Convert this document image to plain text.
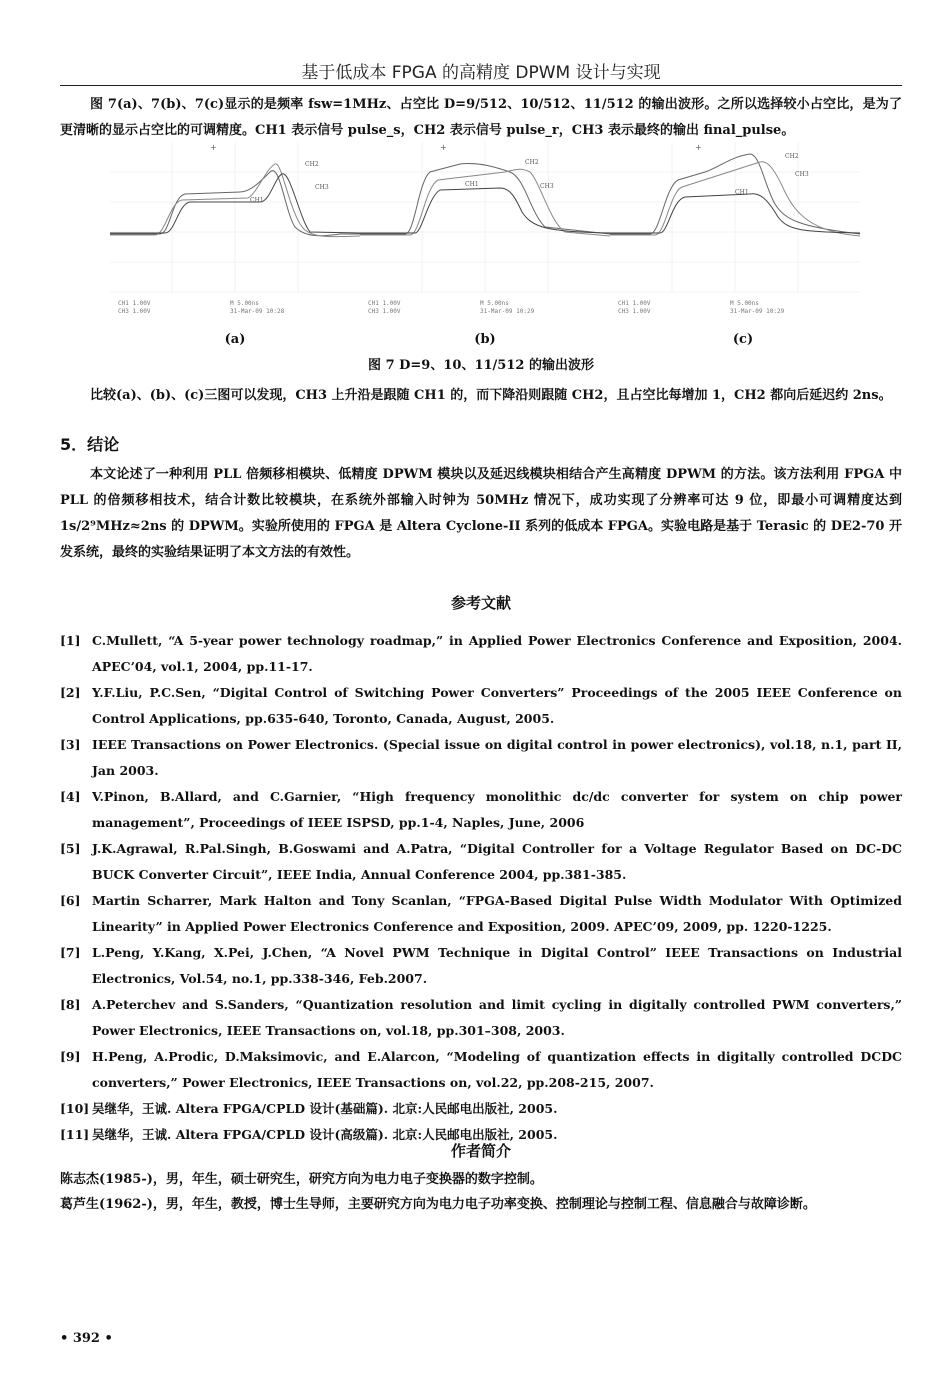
基于低成本 FPGA 的高精度 DPWM 设计与实现
图 7(a)、7(b)、7(c)显示的是频率 fsw=1MHz、占空比 D=9/512、10/512、11/512 的输出波形。之所以选择较小占空比，是为了更清晰的显示占空比的可调精度。CH1 表示信号 pulse_s，CH2 表示信号 pulse_r，CH3 表示最终的输出 final_pulse。
+
CH2
CH3
CH1
CH1 1.00V
CH3 1.00V
M 5.00ns
31-Mar-09 10:28
(a)
+
CH2
CH3
CH1
CH1 1.00V
CH3 1.00V
M 5.00ns
31-Mar-09 10:29
(b)
+
CH2
CH3
CH1
CH1 1.00V
CH3 1.00V
M 5.00ns
31-Mar-09 10:29
(c)
图 7 D=9、10、11/512 的输出波形
比较(a)、(b)、(c)三图可以发现，CH3 上升沿是跟随 CH1 的，而下降沿则跟随 CH2，且占空比每增加 1，CH2 都向后延迟约 2ns。
5．结论
本文论述了一种利用 PLL 倍频移相模块、低精度 DPWM 模块以及延迟线模块相结合产生高精度 DPWM 的方法。该方法利用 FPGA 中 PLL 的倍频移相技术，结合计数比较模块，在系统外部输入时钟为 50MHz 情况下，成功实现了分辨率可达 9 位，即最小可调精度达到 1s/2⁹MHz≈2ns 的 DPWM。实验所使用的 FPGA 是 Altera Cyclone-II 系列的低成本 FPGA。实验电路是基于 Terasic 的 DE2-70 开发系统，最终的实验结果证明了本文方法的有效性。
参考文献
[1] C.Mullett, “A 5-year power technology roadmap,” in Applied Power Electronics Conference and Exposition, 2004. APEC’04, vol.1, 2004, pp.11-17.
[2] Y.F.Liu, P.C.Sen, “Digital Control of Switching Power Converters” Proceedings of the 2005 IEEE Conference on Control Applications, pp.635-640, Toronto, Canada, August, 2005.
[3] IEEE Transactions on Power Electronics. (Special issue on digital control in power electronics), vol.18, n.1, part II, Jan 2003.
[4] V.Pinon, B.Allard, and C.Garnier, “High frequency monolithic dc/dc converter for system on chip power management”, Proceedings of IEEE ISPSD, pp.1-4, Naples, June, 2006
[5] J.K.Agrawal, R.Pal.Singh, B.Goswami and A.Patra, “Digital Controller for a Voltage Regulator Based on DC-DC BUCK Converter Circuit”, IEEE India, Annual Conference 2004, pp.381-385.
[6] Martin Scharrer, Mark Halton and Tony Scanlan, “FPGA-Based Digital Pulse Width Modulator With Optimized Linearity” in Applied Power Electronics Conference and Exposition, 2009. APEC’09, 2009, pp. 1220-1225.
[7] L.Peng, Y.Kang, X.Pei, J.Chen, “A Novel PWM Technique in Digital Control” IEEE Transactions on Industrial Electronics, Vol.54, no.1, pp.338-346, Feb.2007.
[8] A.Peterchev and S.Sanders, “Quantization resolution and limit cycling in digitally controlled PWM converters,” Power Electronics, IEEE Transactions on, vol.18, pp.301–308, 2003.
[9] H.Peng, A.Prodic, D.Maksimovic, and E.Alarcon, “Modeling of quantization effects in digitally controlled DCDC converters,” Power Electronics, IEEE Transactions on, vol.22, pp.208-215, 2007.
[10] 吴继华，王诚. Altera FPGA/CPLD 设计(基础篇). 北京:人民邮电出版社, 2005.
[11] 吴继华，王诚. Altera FPGA/CPLD 设计(高级篇). 北京:人民邮电出版社, 2005.
作者简介
陈志杰(1985-)，男，年生，硕士研究生，研究方向为电力电子变换器的数字控制。
葛芦生(1962-)，男，年生，教授，博士生导师，主要研究方向为电力电子功率变换、控制理论与控制工程、信息融合与故障诊断。
• 392 •
